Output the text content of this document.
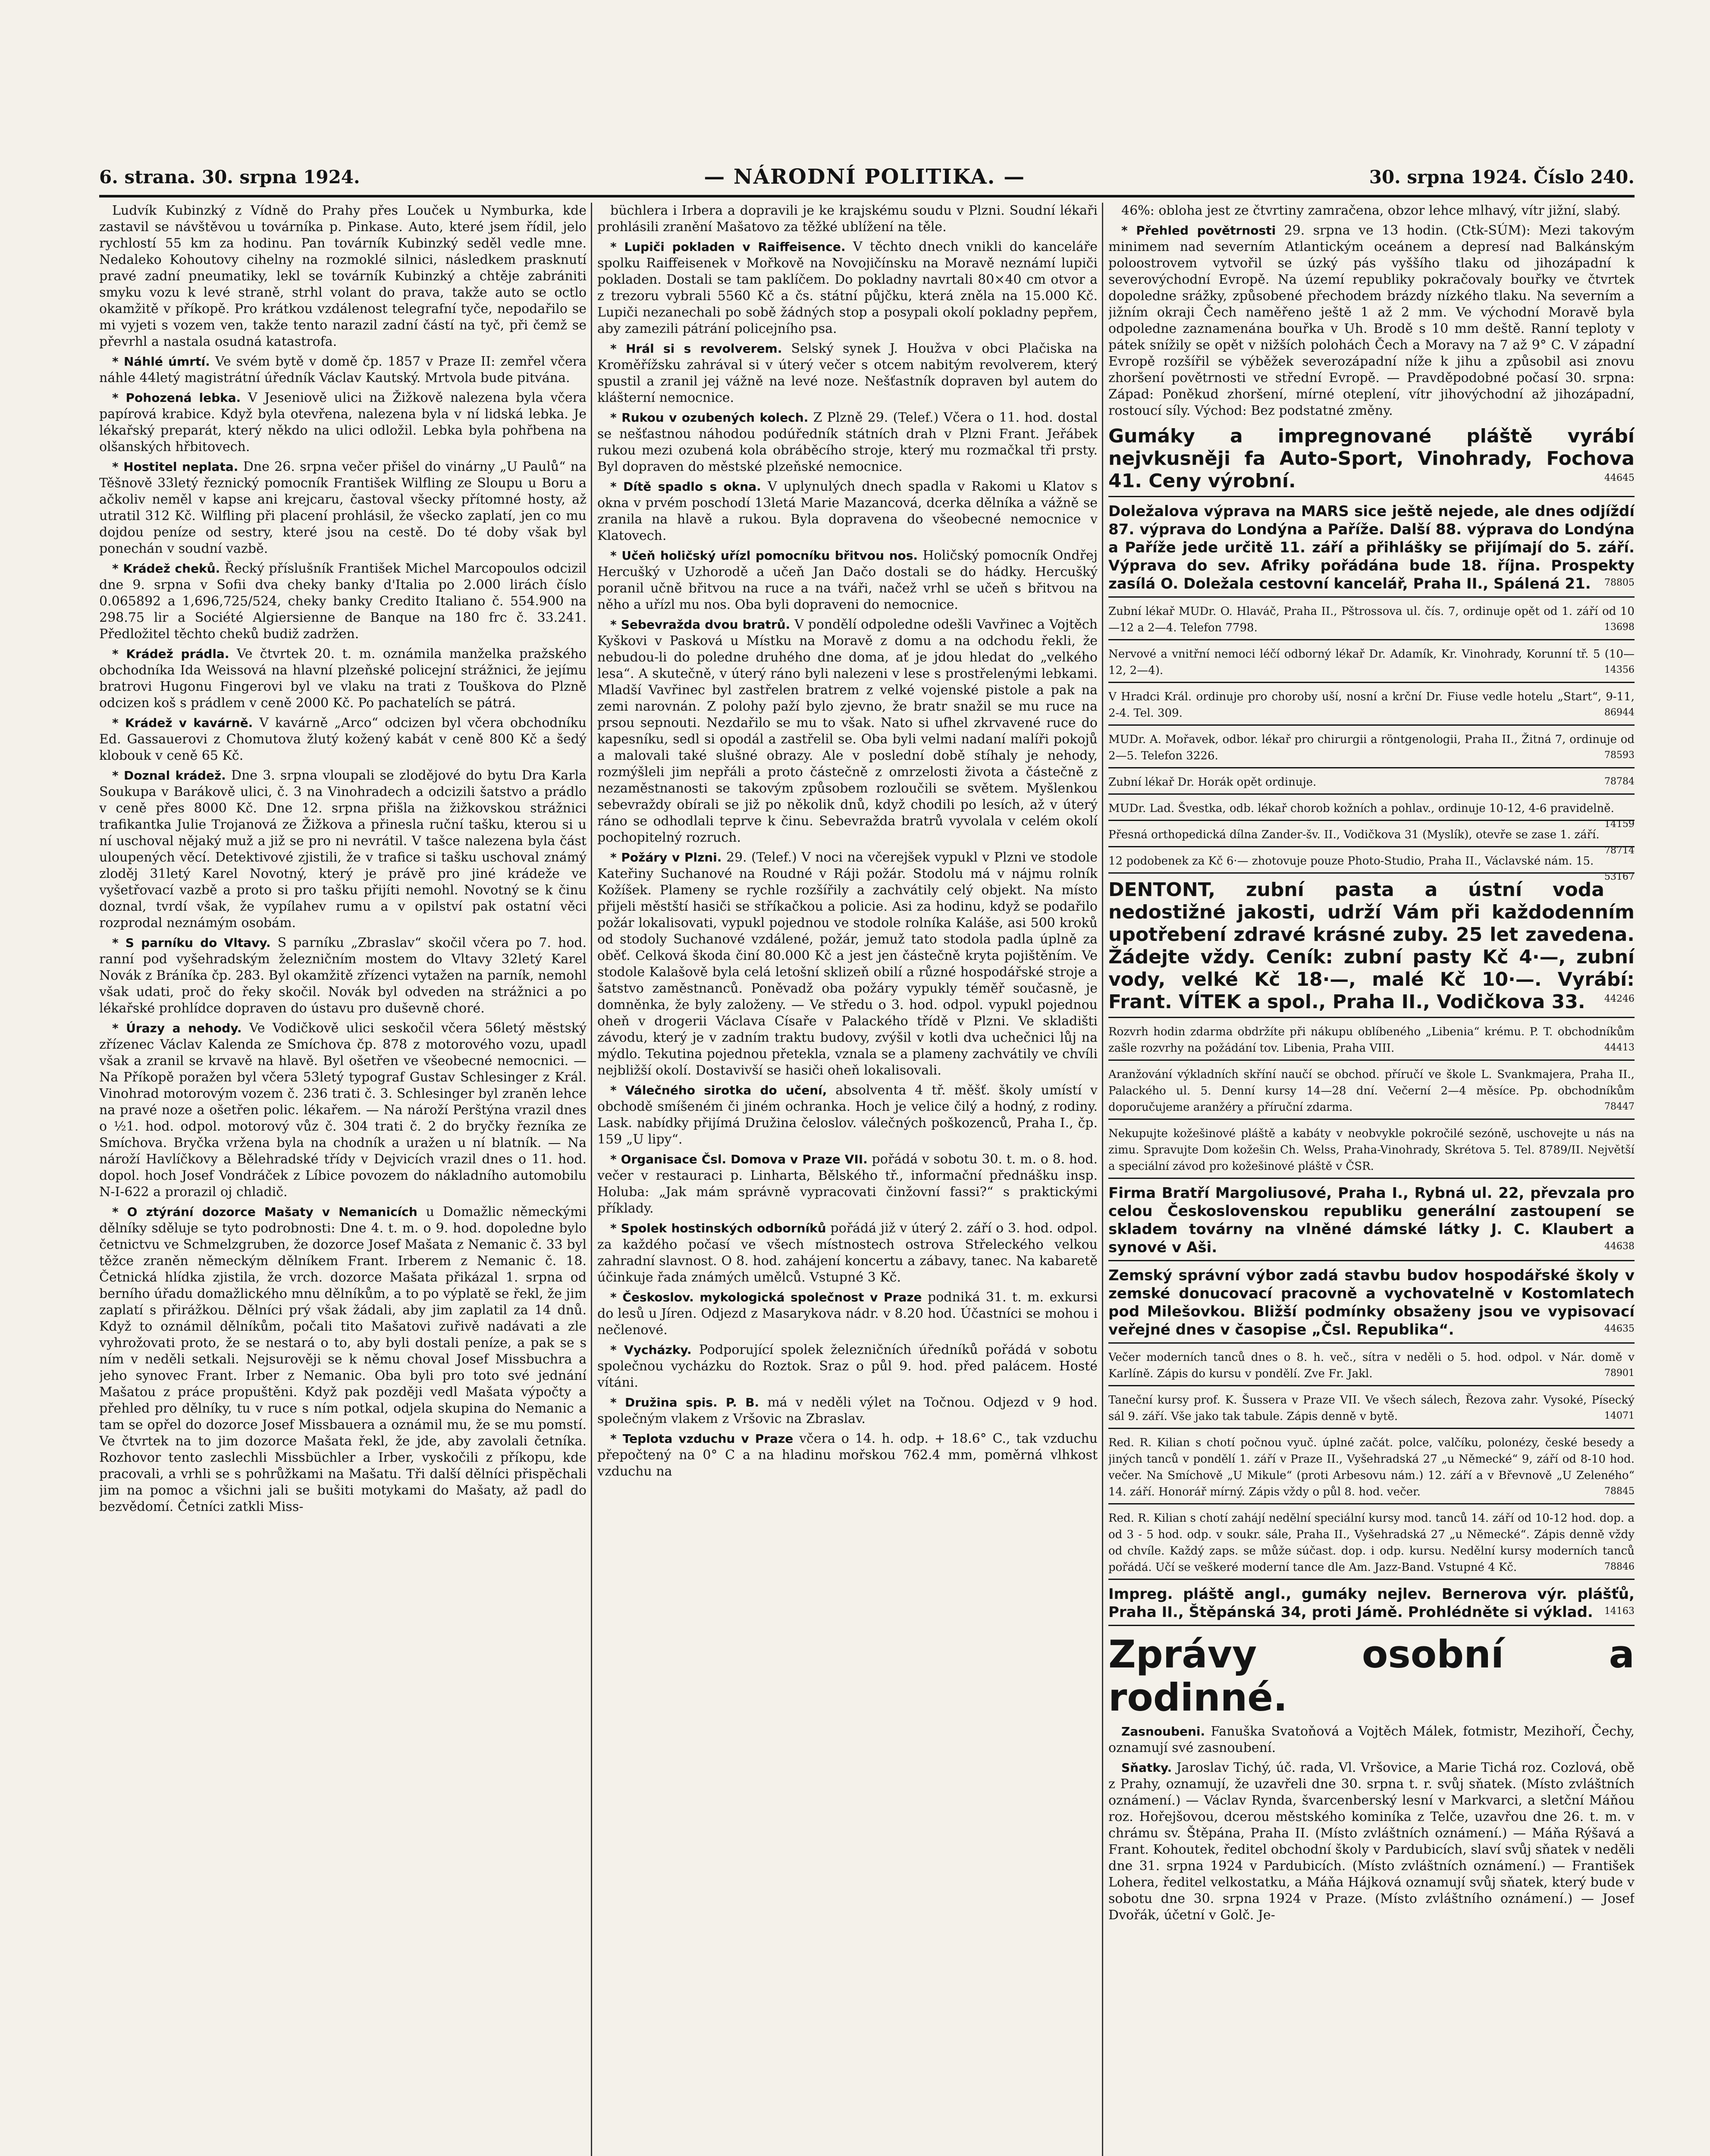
6. strana. 30. srpna 1924.	— NÁRODNÍ POLITIKA. —	30. srpna 1924. Číslo 240.

Ludvík Kubinzký z Vídně do Prahy přes Louček u Nymburka, kde zastavil se návštěvou u továrníka p. Pinkase. Auto, které jsem řídil, jelo rychlostí 55 km za hodinu. Pan továrník Kubinzký seděl vedle mne. Nedaleko Kohoutovy cihelny na rozmoklé silnici, následkem prasknutí pravé zadní pneumatiky, lekl se továrník Kubinzký a chtěje zabrániti smyku vozu k levé straně, strhl volant do prava, takže auto se octlo okamžitě v příkopě. Pro krátkou vzdálenost telegrafní tyče, nepodařilo se mi vyjeti s vozem ven, takže tento narazil zadní částí na tyč, při čemž se převrhl a nastala osudná katastrofa.

* Náhlé úmrtí. Ve svém bytě v domě čp. 1857 v Praze II: zemřel včera náhle 44letý magistrátní úředník Václav Kautský. Mrtvola bude pitvána.

* Pohozená lebka. V Jeseniově ulici na Žižkově nalezena byla včera papírová krabice. Když byla otevřena, nalezena byla v ní lidská lebka. Je lékařský preparát, který někdo na ulici odložil. Lebka byla pohřbena na olšanských hřbitovech.

* Hostitel neplata. Dne 26. srpna večer přišel do vinárny „U Paulů“ na Těšnově 33letý řeznický pomocník František Wilfling ze Sloupu u Boru a ačkoliv neměl v kapse ani krejcaru, častoval všecky přítomné hosty, až utratil 312 Kč. Wilfling při placení prohlásil, že všecko zaplatí, jen co mu dojdou peníze od sestry, které jsou na cestě. Do té doby však byl ponechán v soudní vazbě.

* Krádež cheků. Řecký příslušník František Michel Marcopoulos odcizil dne 9. srpna v Sofii dva cheky banky d'Italia po 2.000 lirách číslo 0.065892 a 1,696,725/524, cheky banky Credito Italiano č. 554.900 na 298.75 lir a Société Algiersienne de Banque na 180 frc č. 33.241. Předložitel těchto cheků budiž zadržen.

* Krádež prádla. Ve čtvrtek 20. t. m. oznámila manželka pražského obchodníka Ida Weissová na hlavní plzeňské policejní strážnici, že jejímu bratrovi Hugonu Fingerovi byl ve vlaku na trati z Touškova do Plzně odcizen koš s prádlem v ceně 2000 Kč. Po pachatelích se pátrá.

* Krádež v kavárně. V kavárně „Arco“ odcizen byl včera obchodníku Ed. Gassauerovi z Chomutova žlutý kožený kabát v ceně 800 Kč a šedý klobouk v ceně 65 Kč.

* Doznal krádež. Dne 3. srpna vloupali se zlodějové do bytu Dra Karla Soukupa v Barákově ulici, č. 3 na Vinohradech a odcizili šatstvo a prádlo v ceně přes 8000 Kč. Dne 12. srpna přišla na žižkovskou strážnici trafikantka Julie Trojanová ze Žižkova a přinesla ruční tašku, kterou si u ní uschoval nějaký muž a již se pro ni nevrátil. V tašce nalezena byla část uloupených věcí. Detektivové zjistili, že v trafice si tašku uschoval známý zloděj 31letý Karel Novotný, který je právě pro jiné krádeže ve vyšetřovací vazbě a proto si pro tašku přijíti nemohl. Novotný se k činu doznal, tvrdí však, že vypílahev rumu a v opilství pak ostatní věci rozprodal neznámým osobám.

* S parníku do Vltavy. S parníku „Zbraslav“ skočil včera po 7. hod. ranní pod vyšehradským železničním mostem do Vltavy 32letý Karel Novák z Bráníka čp. 283. Byl okamžitě zřízenci vytažen na parník, nemohl však udati, proč do řeky skočil. Novák byl odveden na strážnici a po lékařské prohlídce dopraven do ústavu pro duševně choré.

* Úrazy a nehody. Ve Vodičkově ulici seskočil včera 56letý městský zřízenec Václav Kalenda ze Smíchova čp. 878 z motorového vozu, upadl však a zranil se krvavě na hlavě. Byl ošetřen ve všeobecné nemocnici. — Na Příkopě poražen byl včera 53letý typograf Gustav Schlesinger z Král. Vinohrad motorovým vozem č. 236 trati č. 3. Schlesinger byl zraněn lehce na pravé noze a ošetřen polic. lékařem. — Na nároží Perštýna vrazil dnes o ½1. hod. odpol. motorový vůz č. 304 trati č. 2 do bryčky řezníka ze Smíchova. Bryčka vržena byla na chodník a uražen u ní blatník. — Na nároží Havlíčkovy a Bělehradské třídy v Dejvicích vrazil dnes o 11. hod. dopol. hoch Josef Vondráček z Líbice povozem do nákladního automobilu N-I-622 a prorazil oj chladič.

* O ztýrání dozorce Mašaty v Nemanicích u Domažlic německými dělníky sděluje se tyto podrobnosti: Dne 4. t. m. o 9. hod. dopoledne bylo četnictvu ve Schmelzgruben, že dozorce Josef Mašata z Nemanic č. 33 byl těžce zraněn německým dělníkem Frant. Irberem z Nemanic č. 18. Četnická hlídka zjistila, že vrch. dozorce Mašata přikázal 1. srpna od berního úřadu domažlického mnu dělníkům, a to po výplatě se řekl, že jim zaplatí s přirážkou. Dělníci prý však žádali, aby jim zaplatil za 14 dnů. Když to oznámil dělníkům, počali tito Mašatovi zuřivě nadávati a zle vyhrožovati proto, že se nestará o to, aby byli dostali peníze, a pak se s ním v neděli setkali. Nejsurověji se k němu choval Josef Missbuchra a jeho synovec Frant. Irber z Nemanic. Oba byli pro toto své jednání Mašatou z práce propuštěni. Když pak později vedl Mašata výpočty a přehled pro dělníky, tu v ruce s ním potkal, odjela skupina do Nemanic a tam se opřel do dozorce Josef Missbauera a oznámil mu, že se mu pomstí. Ve čtvrtek na to jim dozorce Mašata řekl, že jde, aby zavolali četníka. Rozhovor tento zaslechli Missbüchler a Irber, vyskočili z příkopu, kde pracovali, a vrhli se s pohrůžkami na Mašatu. Tři další dělníci přispěchali jim na pomoc a všichni jali se bušiti motykami do Mašaty, až padl do bezvědomí. Četníci zatkli Miss-

büchlera i Irbera a dopravili je ke krajskému soudu v Plzni. Soudní lékaři prohlásili zranění Mašatovo za těžké ublížení na těle.

* Lupiči pokladen v Raiffeisence. V těchto dnech vnikli do kanceláře spolku Raiffeisenek v Mořkově na Novojičínsku na Moravě neznámí lupiči pokladen. Dostali se tam paklíčem. Do pokladny navrtali 80×40 cm otvor a z trezoru vybrali 5560 Kč a čs. státní půjčku, která zněla na 15.000 Kč. Lupiči nezanechali po sobě žádných stop a posypali okolí pokladny pepřem, aby zamezili pátrání policejního psa.

* Hrál si s revolverem. Selský synek J. Houžva v obci Plačiska na Kroměřížsku zahrával si v úterý večer s otcem nabitým revolverem, který spustil a zranil jej vážně na levé noze. Nešťastník dopraven byl autem do klášterní nemocnice.

* Rukou v ozubených kolech. Z Plzně 29. (Telef.) Včera o 11. hod. dostal se nešťastnou náhodou podúředník státních drah v Plzni Frant. Jeřábek rukou mezi ozubená kola obráběcího stroje, který mu rozmačkal tři prsty. Byl dopraven do městské plzeňské nemocnice.

* Dítě spadlo s okna. V uplynulých dnech spadla v Rakomi u Klatov s okna v prvém poschodí 13letá Marie Mazancová, dcerka dělníka a vážně se zranila na hlavě a rukou. Byla dopravena do všeobecné nemocnice v Klatovech.

* Učeň holičský uřízl pomocníku břitvou nos. Holičský pomocník Ondřej Hercušký v Uzhorodě a učeň Jan Dačo dostali se do hádky. Hercušký poranil učně břitvou na ruce a na tváři, načež vrhl se učeň s břitvou na něho a uřízl mu nos. Oba byli dopraveni do nemocnice.

* Sebevražda dvou bratrů. V pondělí odpoledne odešli Vavřinec a Vojtěch Kyškovi v Pasková u Místku na Moravě z domu a na odchodu řekli, že nebudou-li do poledne druhého dne doma, ať je jdou hledat do „velkého lesa“. A skutečně, v úterý ráno byli nalezeni v lese s prostřelenými lebkami. Mladší Vavřinec byl zastřelen bratrem z velké vojenské pistole a pak na zemi narovnán. Z polohy paží bylo zjevno, že bratr snažil se mu ruce na prsou sepnouti. Nezdařilo se mu to však. Nato si ufhel zkrvavené ruce do kapesníku, sedl si opodál a zastřelil se. Oba byli velmi nadaní malíři pokojů a malovali také slušné obrazy. Ale v poslední době stíhaly je nehody, rozmýšleli jim nepřáli a proto částečně z omrzelosti života a částečně z nezaměstnanosti se takovým způsobem rozloučili se světem. Myšlenkou sebevraždy obírali se již po několik dnů, když chodili po lesích, až v úterý ráno se odhodlali teprve k činu. Sebevražda bratrů vyvolala v celém okolí pochopitelný rozruch.

* Požáry v Plzni. 29. (Telef.) V noci na včerejšek vypukl v Plzni ve stodole Kateřiny Suchanové na Roudné v Ráji požár. Stodolu má v nájmu rolník Kožíšek. Plameny se rychle rozšířily a zachvátily celý objekt. Na místo přijeli městští hasiči se stříkačkou a policie. Asi za hodinu, když se podařilo požár lokalisovati, vypukl pojednou ve stodole rolníka Kaláše, asi 500 kroků od stodoly Suchanové vzdálené, požár, jemuž tato stodola padla úplně za oběť. Celková škoda činí 80.000 Kč a jest jen částečně kryta pojištěním. Ve stodole Kalašově byla celá letošní sklizeň obilí a různé hospodářské stroje a šatstvo zaměstnanců. Poněvadž oba požáry vypukly téměř současně, je domněnka, že byly založeny. — Ve středu o 3. hod. odpol. vypukl pojednou oheň v drogerii Václava Císaře v Palackého třídě v Plzni. Ve skladišti závodu, který je v zadním traktu budovy, zvýšil v kotli dva uchečnici lůj na mýdlo. Tekutina pojednou přetekla, vznala se a plameny zachvátily ve chvíli nejbližší okolí. Dostavivší se hasiči oheň lokalisovali.

* Válečného sirotka do učení, absolventa 4 tř. měšť. školy umístí v obchodě smíšeném či jiném ochranka. Hoch je velice čilý a hodný, z rodiny. Lask. nabídky přijímá Družina čeloslov. válečných poškozenců, Praha I., čp. 159 „U lipy“.

* Organisace Čsl. Domova v Praze VII. pořádá v sobotu 30. t. m. o 8. hod. večer v restauraci p. Linharta, Bělského tř., informační přednášku insp. Holuba: „Jak mám správně vypracovati činžovní fassi?“ s praktickými příklady.

* Spolek hostinských odborníků pořádá již v úterý 2. září o 3. hod. odpol. za každého počasí ve všech místnostech ostrova Střeleckého velkou zahradní slavnost. O 8. hod. zahájení koncertu a zábavy, tanec. Na kabaretě účinkuje řada známých umělců. Vstupné 3 Kč.

* Českoslov. mykologická společnost v Praze podniká 31. t. m. exkursi do lesů u Jíren. Odjezd z Masarykova nádr. v 8.20 hod. Účastníci se mohou i nečlenové.

* Vycházky. Podporující spolek železničních úředníků pořádá v sobotu společnou vycházku do Roztok. Sraz o půl 9. hod. před palácem. Hosté vítáni.

* Družina spis. P. B. má v neděli výlet na Točnou. Odjezd v 9 hod. společným vlakem z Vršovic na Zbraslav.

* Teplota vzduchu v Praze včera o 14. h. odp. + 18.6° C., tak vzduchu přepočtený na 0° C a na hladinu mořskou 762.4 mm, poměrná vlhkost vzduchu na

46%: oblohа jest ze čtvrtiny zamračena, obzor lehce mlhavý, vítr jižní, slabý.

* Přehled povětrnosti 29. srpna ve 13 hodin. (Ctk-SÚM): Mezi takovým minimem nad severním Atlantickým oceánem a depresí nad Balkánským poloostrovem vytvořil se úzký pás vyššího tlaku od jihozápadní k severovýchodní Evropě. Na území republiky pokračovaly bouřky ve čtvrtek dopoledne srážky, způsobené přechodem brázdy nízkého tlaku. Na severním a jižním okraji Čech naměřeno ještě 1 až 2 mm. Ve východní Moravě byla odpoledne zaznamenána bouřka v Uh. Brodě s 10 mm deště. Ranní teploty v pátek snížily se opět v nižších polohách Čech a Moravy na 7 až 9° C. V západní Evropě rozšířil se výběžek severozápadní níže k jihu a způsobil asi znovu zhoršení povětrnosti ve střední Evropě. — Pravděpodobné počasí 30. srpna: Západ: Poněkud zhoršení, mírné oteplení, vítr jihovýchodní až jihozápadní, rostoucí síly. Východ: Bez podstatné změny.

Gumáky a impregnované pláště vyrábí nejvkusněji fa Auto-Sport, Vinohrady, Fochova 41. Ceny výrobní.	44645
Doležalova výprava na MARS sice ještě nejede, ale dnes odjíždí 87. výprava do Londýna a Paříže. Další 88. výprava do Londýna a Paříže jede určitě 11. září a přihlášky se přijímají do 5. září. Výprava do sev. Afriky pořádána bude 18. října. Prospekty zasílá O. Doležala cestovní kancelář, Praha II., Spálená 21. 78805
Zubní lékař MUDr. O. Hlaváč, Praha II., Pštrossova ul. čís. 7, ordinuje opět od 1. září od 10—12 a 2—4. Telefon 7798.	13698
Nervové a vnitřní nemoci léčí odborný lékař Dr. Adamík, Kr. Vinohrady, Korunní tř. 5 (10—12, 2—4).	14356
V Hradci Král. ordinuje pro choroby uší, nosní a krční Dr. Fiuse vedle hotelu „Start“, 9-11, 2-4. Tel. 309.	86944
MUDr. A. Mořavek, odbor. lékař pro chirurgii a röntgenologii, Praha II., Žitná 7, ordinuje od 2—5. Telefon 3226.	78593
Zubní lékař Dr. Horák opět ordinuje.	78784
MUDr. Lad. Švestka, odb. lékař chorob kožních a pohlav., ordinuje 10-12, 4-6 pravidelně.
14159
Přesná orthopedická dílna Zander-šv. II., Vodičkova 31 (Myslík), otevře se zase 1. září.
78714
12 podobenek za Kč 6·— zhotovuje pouze Photo-Studio, Praha II., Václavské nám. 15.
53167
DENTONT, zubní pasta a ústní voda nedostižné jakosti, udrží Vám při každodenním upotřebení zdravé krásné zuby. 25 let zavedena. Žádejte vždy. Ceník: zubní pasty Kč 4·—, zubní vody, velké Kč 18·—, malé Kč 10·—. Vyrábí: Frant. VÍTEK a spol., Praha II., Vodičkova 33. 44246
Rozvrh hodin zdarma obdržíte při nákupu oblíbeného „Libenia“ krému. P. T. obchodníkům zašle rozvrhy na požádání tov. Libenia, Praha VIII.	44413
Aranžování výkladních skříní naučí se obchod. příručí ve škole L. Svankmajera, Praha II., Palackého ul. 5. Denní kursy 14—28 dní. Večerní 2—4 měsíce. Pp. obchodníkům doporučujeme aranžéry a příruční zdarma.	78447
Nekupujte kožešinové pláště a kabáty v neobvykle pokročilé sezóně, uschovejte u nás na zimu. Spravujte Dom kožešin Ch. Welss, Praha-Vinohrady, Skrétova 5. Tel. 8789/II. Největší a speciální závod pro kožešinové pláště v ČSR.
Firma Bratří Margoliusové, Praha I., Rybná ul. 22, převzala pro celou Československou republiku generální zastoupení se skladem továrny na vlněné dámské látky J. C. Klaubert a synové v Aši.	44638
Zemský správní výbor zadá stavbu budov hospodářské školy v zemské donucovací pracovně a vychovatelně v Kostomlatech pod Milešovkou. Bližší podmínky obsaženy jsou ve vypisovací veřejné dnes v časopise „Čsl. Republika“.	44635
Večer moderních tanců dnes o 8. h. več., sítra v neděli o 5. hod. odpol. v Nár. domě v Karlíně. Zápis do kursu v pondělí. Zve Fr. Jakl.	78901
Taneční kursy prof. K. Šussera v Praze VII. Ve všech sálech, Řezova zahr. Vysoké, Písecký sál 9. září. Vše jako tak tabule. Zápis denně v bytě.	14071
Red. R. Kilian s chotí počnou vyuč. úplné začát. polce, valčíku, polonézy, české besedy a jiných tanců v pondělí 1. září v Praze II., Vyšehradská 27 „u Německé“ 9, září od 8-10 hod. večer. Na Smíchově „U Mikule“ (proti Arbesovu nám.) 12. září a v Břevnově „U Zeleného“ 14. září. Honorář mírný. Zápis vždy o půl 8. hod. večer.	78845
Red. R. Kilian s chotí zahájí nedělní speciální kursy mod. tanců 14. září od 10-12 hod. dop. a od 3 - 5 hod. odp. v soukr. sále, Praha II., Vyšehradská 27 „u Německé“. Zápis denně vždy od chvíle. Každý zaps. se může súčast. dop. i odp. kursu. Nedělní kursy moderních tanců pořádá. Učí se veškeré moderní tance dle Am. Jazz-Band. Vstupné 4 Kč.	78846
Impreg. pláště angl., gumáky nejlev. Bernerova výr. plášťů, Praha II., Štěpánská 34, proti Jámě. Prohlédněte si výklad. 14163
Zprávy osobní a rodinné.

Zasnoubeni. Fanuška Svatoňová a Vojtěch Málek, fotmistr, Mezihoří, Čechy, oznamují své zasnoubení.

Sňatky. Jaroslav Tichý, úč. rada, Vl. Vršovice, a Marie Tichá roz. Cozlová, obě z Prahy, oznamují, že uzavřeli dne 30. srpna t. r. svůj sňatek. (Místo zvláštních oznámení.) — Václav Rynda, švarcenberský lesní v Markvarci, a sletční Máňou roz. Hořejšovou, dcerou městského kominíka z Telče, uzavřou dne 26. t. m. v chrámu sv. Štěpána, Praha II. (Místo zvláštních oznámení.) — Máňa Rýšavá a Frant. Kohoutek, ředitel obchodní školy v Pardubicích, slaví svůj sňatek v neděli dne 31. srpna 1924 v Pardubicích. (Místo zvláštních oznámení.) — František Lohera, ředitel velkostatku, a Máňa Hájková oznamují svůj sňatek, který bude v sobotu dne 30. srpna 1924 v Praze. (Místo zvláštního oznámení.) — Josef Dvořák, účetní v Golč. Je-
